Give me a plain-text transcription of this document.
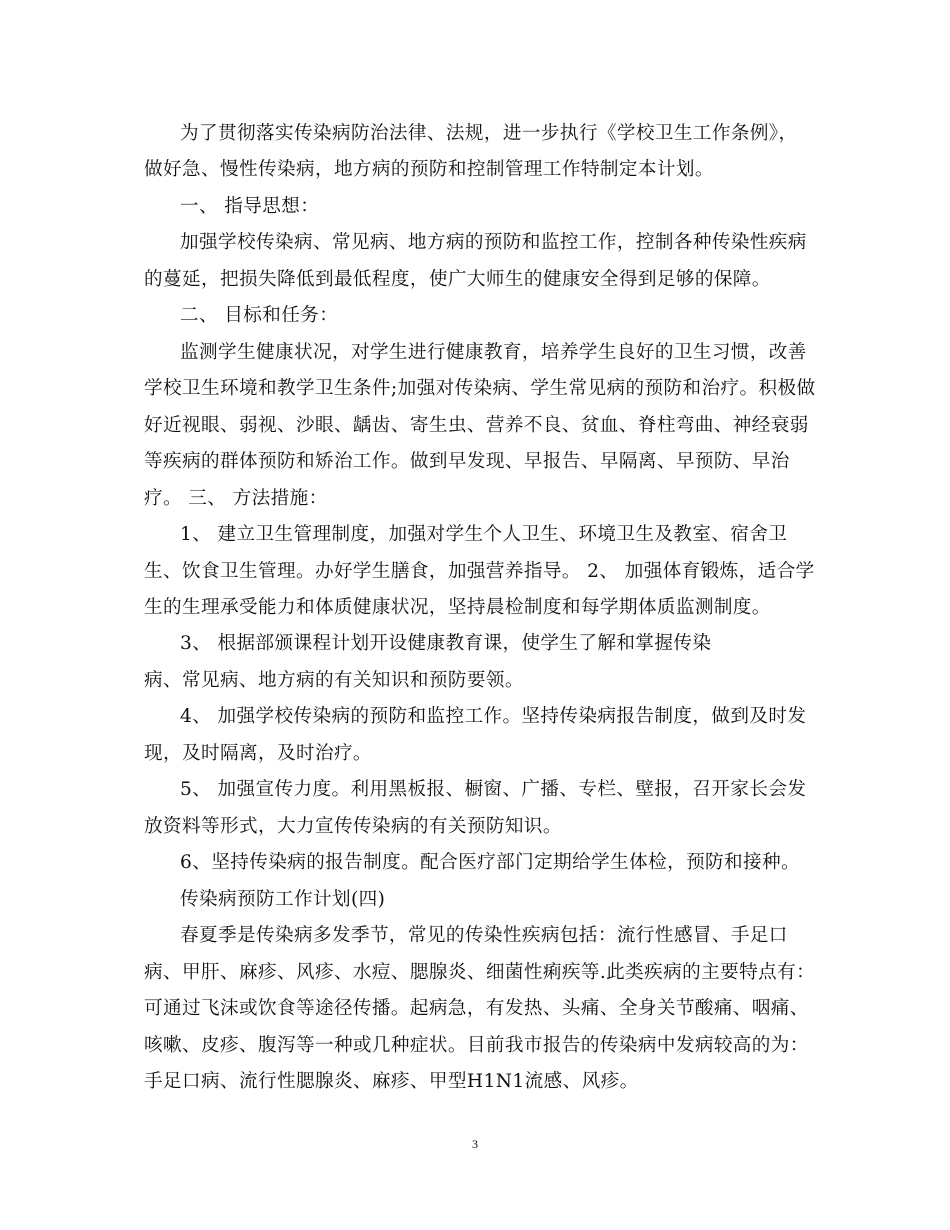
为了贯彻落实传染病防治法律、法规，进一步执行《学校卫生工作条例》，
做好急、慢性传染病，地方病的预防和控制管理工作特制定本计划。
一、 指导思想：
加强学校传染病、常见病、地方病的预防和监控工作，控制各种传染性疾病
的蔓延，把损失降低到最低程度，使广大师生的健康安全得到足够的保障。
二、 目标和任务：
监测学生健康状况，对学生进行健康教育，培养学生良好的卫生习惯，改善
学校卫生环境和教学卫生条件;加强对传染病、学生常见病的预防和治疗。积极做
好近视眼、弱视、沙眼、龋齿、寄生虫、营养不良、贫血、脊柱弯曲、神经衰弱
等疾病的群体预防和矫治工作。做到早发现、早报告、早隔离、早预防、早治
疗。 三、 方法措施：
1、 建立卫生管理制度，加强对学生个人卫生、环境卫生及教室、宿舍卫
生、饮食卫生管理。办好学生膳食，加强营养指导。 2、 加强体育锻炼，适合学
生的生理承受能力和体质健康状况，坚持晨检制度和每学期体质监测制度。
3、 根据部颁课程计划开设健康教育课，使学生了解和掌握传染
病、常见病、地方病的有关知识和预防要领。
4、 加强学校传染病的预防和监控工作。坚持传染病报告制度，做到及时发
现，及时隔离，及时治疗。
5、 加强宣传力度。利用黑板报、橱窗、广播、专栏、壁报，召开家长会发
放资料等形式，大力宣传传染病的有关预防知识。
6、坚持传染病的报告制度。配合医疗部门定期给学生体检，预防和接种。
传染病预防工作计划(四)
春夏季是传染病多发季节，常见的传染性疾病包括：流行性感冒、手足口
病、甲肝、麻疹、风疹、水痘、腮腺炎、细菌性痢疾等.此类疾病的主要特点有：
可通过飞沫或饮食等途径传播。起病急，有发热、头痛、全身关节酸痛、咽痛、
咳嗽、皮疹、腹泻等一种或几种症状。目前我市报告的传染病中发病较高的为：
手足口病、流行性腮腺炎、麻疹、甲型H1N1流感、风疹。
3
